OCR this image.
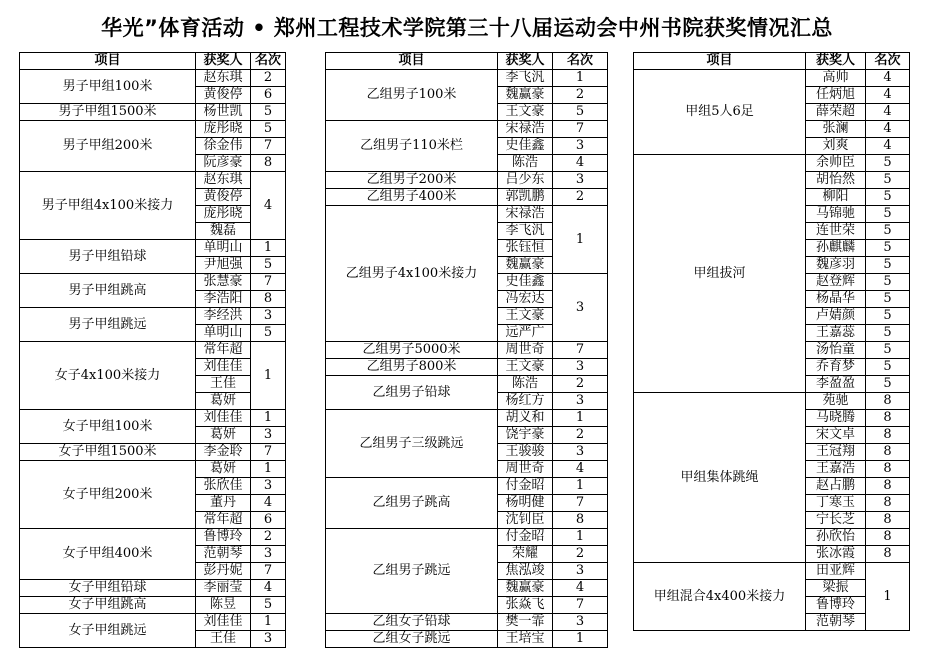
华光”体育活动 • 郑州工程技术学院第三十八届运动会中州书院获奖情况汇总
项目	获奖人	名次
男子甲组100米	赵东琪	2
	黄俊停	6
男子甲组1500米	杨世凯	5
男子甲组200米	庞彤晓	5
	徐金伟	7
	阮彦豪	8
男子甲组4x100米接力	赵东琪	4
	黄俊停	
	庞彤晓	
	魏磊	
男子甲组铅球	单明山	1
	尹旭强	5
男子甲组跳高	张慧豪	7
	李浩阳	8
男子甲组跳远	李经洪	3
	单明山	5
女子4x100米接力	常年超	1
	刘佳佳	
	王佳	
	葛妍	
女子甲组100米	刘佳佳	1
	葛妍	3
女子甲组1500米	李金聆	7
女子甲组200米	葛妍	1
	张欣佳	3
	董丹	4
	常年超	6
女子甲组400米	鲁博玲	2
	范朝琴	3
	彭丹妮	7
女子甲组铅球	李丽莹	4
女子甲组跳高	陈昱	5
女子甲组跳远	刘佳佳	1
	王佳	3
项目	获奖人	名次
乙组男子100米	李飞汎	1
	魏赢豪	2
	王文豪	5
乙组男子110米栏	宋禄浩	7
	史佳鑫	3
	陈浩	4
乙组男子200米	吕少东	3
乙组男子400米	郭凯鹏	2
乙组男子4x100米接力	宋禄浩	1
	李飞汎	
	张钰恒	
	魏赢豪	
	史佳鑫	3
	冯宏达	
	王文豪	
	远严广	
乙组男子5000米	周世奇	7
乙组男子800米	王文豪	3
乙组男子铅球	陈浩	2
	杨红方	3
乙组男子三级跳远	胡义和	1
	饶宇豪	2
	王骏骏	3
	周世奇	4
乙组男子跳高	付金昭	1
	杨明健	7
	沈钊臣	8
乙组男子跳远	付金昭	1
	荣耀	2
	焦泓竣	3
	魏赢豪	4
	张焱飞	7
乙组女子铅球	樊一霏	3
乙组女子跳远	王培宝	1
项目	获奖人	名次
甲组5人6足	高帅	4
	任炳旭	4
	薛荣超	4
	张澜	4
	刘爽	4
甲组拔河	余帅臣	5
	胡怡然	5
	柳阳	5
	马锦驰	5
	连世荣	5
	孙麒麟	5
	魏彦羽	5
	赵登辉	5
	杨晶华	5
	卢婧颜	5
	王嘉蕊	5
	汤怡童	5
	乔育梦	5
	李盈盈	5
甲组集体跳绳	苑驰	8
	马晓腾	8
	宋文卓	8
	王冠翔	8
	王嘉浩	8
	赵占鹏	8
	丁寒玉	8
	宁长芝	8
	孙欣怡	8
	张冰霞	8
甲组混合4x400米接力	田亚辉	1
	梁振	
	鲁博玲	
	范朝琴	
